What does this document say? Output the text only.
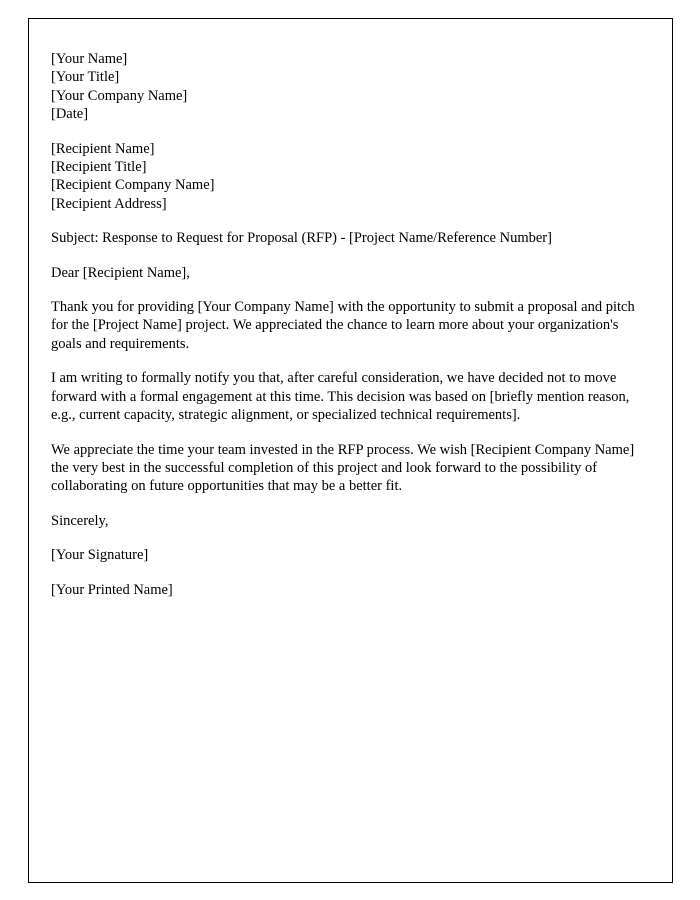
[Your Name]
[Your Title]
[Your Company Name]
[Date]
[Recipient Name]
[Recipient Title]
[Recipient Company Name]
[Recipient Address]

Subject: Response to Request for Proposal (RFP) - [Project Name/Reference Number]

Dear [Recipient Name],

Thank you for providing [Your Company Name] with the opportunity to submit a proposal and pitch for the [Project Name] project. We appreciated the chance to learn more about your organization's goals and requirements.

I am writing to formally notify you that, after careful consideration, we have decided not to move forward with a formal engagement at this time. This decision was based on [briefly mention reason, e.g., current capacity, strategic alignment, or specialized technical requirements].

We appreciate the time your team invested in the RFP process. We wish [Recipient Company Name] the very best in the successful completion of this project and look forward to the possibility of collaborating on future opportunities that may be a better fit.

Sincerely,

[Your Signature]

[Your Printed Name]
